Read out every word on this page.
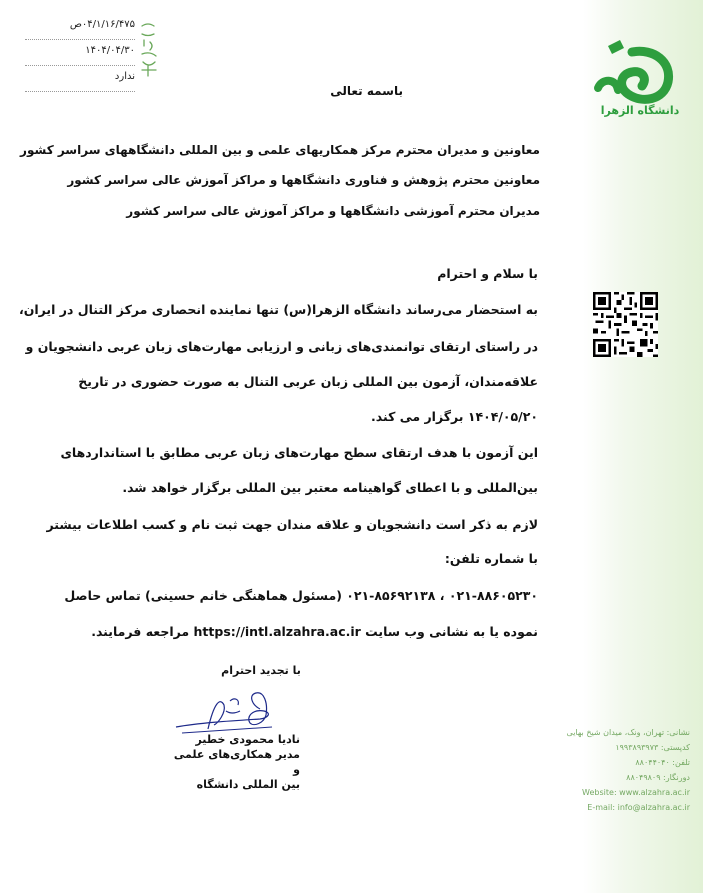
دانشگاه الزهرا
نشانی: تهران، ونک، میدان شیخ بهایی
کدپستی: ۱۹۹۳۸۹۳۹۷۳
تلفن: ۸۸۰۴۴۰۴۰
دورنگار: ۸۸۰۴۹۸۰۹
Website: www.alzahra.ac.ir
E-mail: info@alzahra.ac.ir
۰۴/۱/۱۶/۴۷۵ص
۱۴۰۴/۰۴/۳۰
ندارد
باسمه تعالی
معاونین و مدیران محترم مرکز همکاریهای علمی و بین المللی دانشگاههای سراسر کشور
معاونین محترم پژوهش و فناوری دانشگاهها و مراکز آموزش عالی سراسر کشور
مدیران محترم آموزشی دانشگاهها و مراکز آموزش عالی سراسر کشور
با سلام و احترام
به استحضار می‌رساند دانشگاه الزهرا(س) تنها نماینده انحصاری مرکز التنال در ایران،
در راستای ارتقای توانمندی‌های زبانی و ارزیابی مهارت‌های زبان عربی دانشجویان و
علاقه‌مندان، آزمون بین المللی زبان عربی التنال به صورت حضوری در تاریخ
۱۴۰۴/۰۵/۲۰ برگزار می کند.
این آزمون با هدف ارتقای سطح مهارت‌های زبان عربی مطابق با استانداردهای
بین‌المللی و با اعطای گواهینامه معتبر بین المللی برگزار خواهد شد.
لازم به ذکر است دانشجویان و علاقه مندان جهت ثبت نام و کسب اطلاعات بیشتر
با شماره تلفن:
۰۲۱-۸۸۶۰۵۲۳۰ ، ۰۲۱-۸۵۶۹۲۱۳۸ (مسئول هماهنگی خانم حسینی) تماس حاصل
نموده یا به نشانی وب سایت https://intl.alzahra.ac.ir مراجعه فرمایند.
با تجدید احترام
نادیا محمودی خطیر
مدیر همکاری‌های علمی و
بین المللی دانشگاه
